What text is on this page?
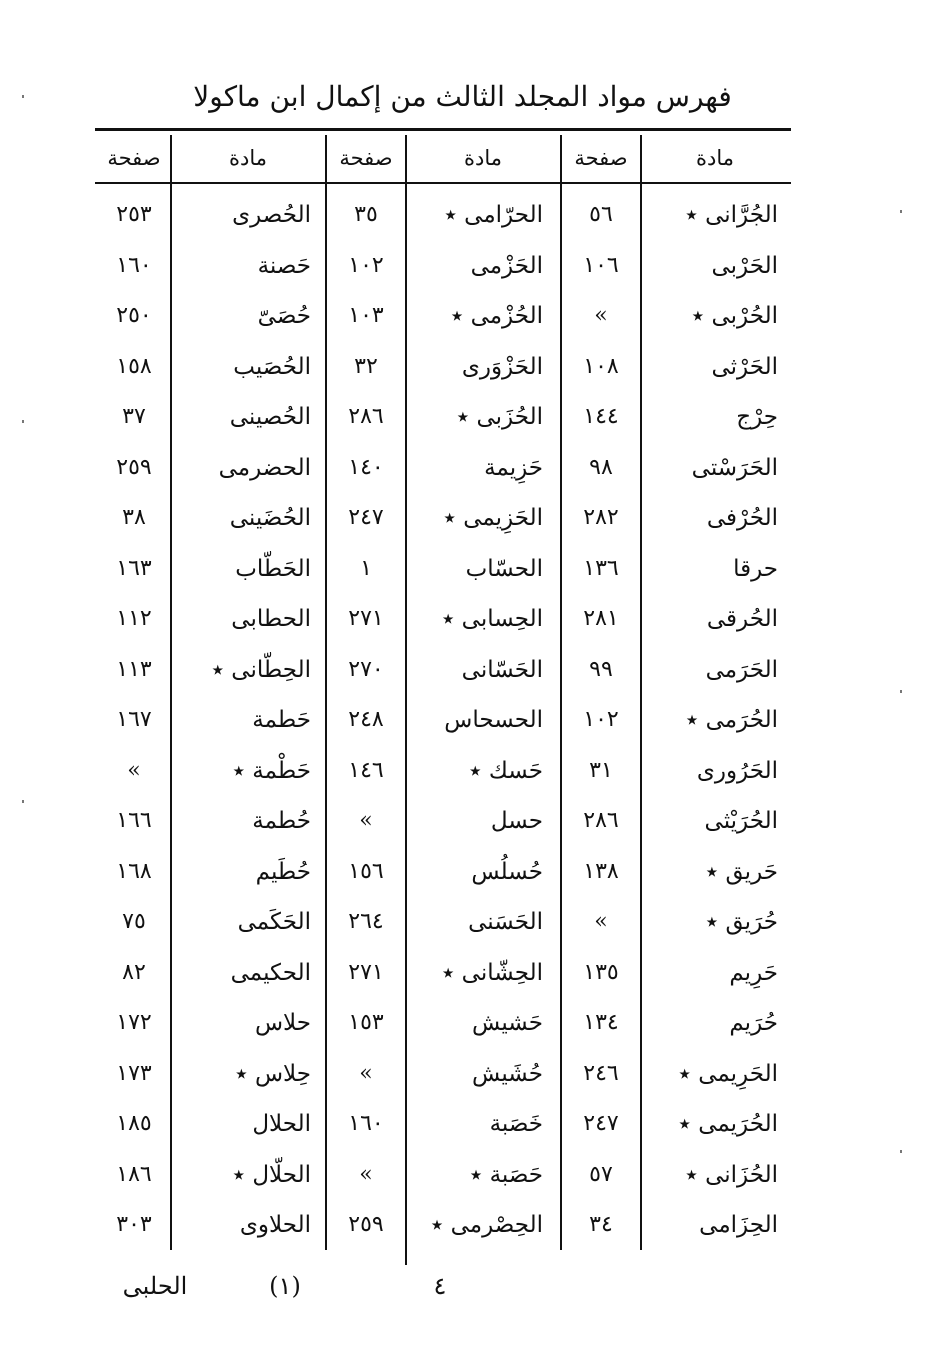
فهرس مواد المجلد الثالث من إكمال ابن ماكولا
مادة
صفحة
مادة
صفحة
مادة
صفحة
الجُرَّانى ٭
٥٦
الحرّامى ٭
٣٥
الحُصرى
٢٥٣
الحَرْبى
١٠٦
الحَزْمى
١٠٢
حَصنة
١٦٠
الحُرْبى ٭
»
الحُزْمى ٭
١٠٣
حُصَىّ
٢٥٠
الحَرْثى
١٠٨
الحَزْوَرى
٣٢
الحُصَيب
١٥٨
حِرْج
١٤٤
الحُزَبى ٭
٢٨٦
الحُصينى
٣٧
الحَرَسْتى
٩٨
حَزِيمة
١٤٠
الحضرمى
٢٥٩
الحُرْفى
٢٨٢
الحَزِيمى ٭
٢٤٧
الحُضَينى
٣٨
حرقا
١٣٦
الحسّاب
١
الحَطّاب
١٦٣
الحُرقى
٢٨١
الحِسابى ٭
٢٧١
الحطابى
١١٢
الحَرَمى
٩٩
الحَسّانى
٢٧٠
الحِطّانى ٭
١١٣
الحُرَمى ٭
١٠٢
الحسحاس
٢٤٨
حَطمة
١٦٧
الحَرُورى
٣١
حَسك ٭
١٤٦
حَطْمة ٭
»
الحُرَيْثى
٢٨٦
حسل
»
حُطمة
١٦٦
حَريق ٭
١٣٨
حُسلُس
١٥٦
حُطَيم
١٦٨
حُرَيق ٭
»
الحَسَنى
٢٦٤
الحَكَمى
٧٥
حَرِيم
١٣٥
الحِشّانى ٭
٢٧١
الحكيمى
٨٢
حُرَيم
١٣٤
حَشيش
١٥٣
حلاس
١٧٢
الحَرِيمى ٭
٢٤٦
حُشَيش
»
حِلاس ٭
١٧٣
الحُرَيمى ٭
٢٤٧
خَصَبة
١٦٠
الحلال
١٨٥
الحُزَانى ٭
٥٧
حَصَبة ٭
»
الحلّال ٭
١٨٦
الحِزَامى
٣٤
الحِصْرمى ٭
٢٥٩
الحلاوى
٣٠٣
٤
(١)
الحلبى
